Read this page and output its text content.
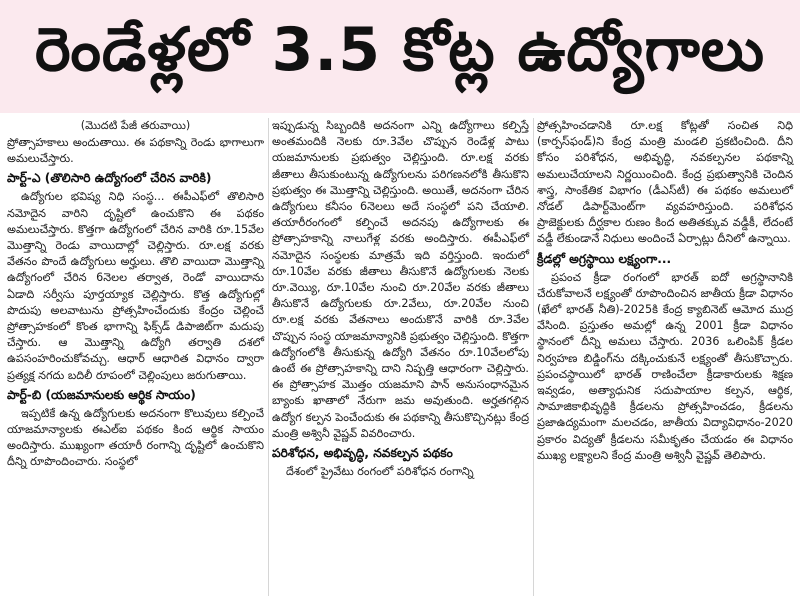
రెండేళ్లలో 3.5 కోట్ల ఉద్యోగాలు
(మొదటి పేజీ తరువాయి)

ప్రోత్సాహకాలు అందుతాయి. ఈ పథకాన్ని రెండు భాగాలుగా అమలుచేస్తారు.

పార్ట్‌-ఎ (తొలిసారి ఉద్యోగంలో చేరిన వారికి)

ఉద్యోగుల భవిష్య నిధి సంస్థ... ఈపీఎఫ్‌లో తొలిసారి నమోదైన వారిని దృష్టిలో ఉంచుకొని ఈ పథకం అమలుచేస్తారు. కొత్తగా ఉద్యోగంలో చేరిన వారికి రూ.15వేల మొత్తాన్ని రెండు వాయిదాల్లో చెల్లిస్తారు. రూ.లక్ష వరకు వేతనం పొందే ఉద్యోగులు అర్హులు. తొలి వాయిదా మొత్తాన్ని ఉద్యోగంలో చేరిన 6నెలల తర్వాత, రెండో వాయిదాను ఏడాది సర్వీసు పూర్తయ్యాక చెల్లిస్తారు. కొత్త ఉద్యోగుల్లో పొదుపు అలవాటును ప్రోత్సహించేందుకు కేంద్రం చెల్లించే ప్రోత్సాహకంలో కొంత భాగాన్ని ఫిక్స్‌డ్‌ డిపాజిట్‌గా మదుపు చేస్తారు. ఆ మొత్తాన్ని ఉద్యోగి తర్వాతి దశలో ఉపసంహరించుకోవచ్చు. ఆధార్‌ ఆధారిత విధానం ద్వారా ప్రత్యక్ష నగదు బదిలీ రూపంలో చెల్లింపులు జరుగుతాయి.

పార్ట్‌-బి (యజమానులకు ఆర్థిక సాయం)

ఇప్పటికే ఉన్న ఉద్యోగులకు అదనంగా కొలువులు కల్పించే యాజమాన్యాలకు ఈఎల్‌ఐ పథకం కింద ఆర్థిక సాయం అందిస్తారు. ముఖ్యంగా తయారీ రంగాన్ని దృష్టిలో ఉంచుకొని దీన్ని రూపొందించారు. సంస్థలో

ఇప్పుడున్న సిబ్బందికి అదనంగా ఎన్ని ఉద్యోగాలు కల్పిస్తే అంతమందికి నెలకు రూ.3వేల చొప్పున రెండేళ్ల పాటు యజమానులకు ప్రభుత్వం చెల్లిస్తుంది. రూ.లక్ష వరకు జీతాలు తీసుకుంటున్న ఉద్యోగులను పరిగణనలోకి తీసుకొని ప్రభుత్వం ఈ మొత్తాన్ని చెల్లిస్తుంది. అయితే, అదనంగా చేరిన ఉద్యోగులు కనీసం 6నెలలు అదే సంస్థలో పని చేయాలి. తయారీరంగంలో కల్పించే అదనపు ఉద్యోగాలకు ఈ ప్రోత్సాహకాన్ని నాలుగేళ్ల వరకు అందిస్తారు. ఈపీఎఫ్‌లో నమోదైన సంస్థలకు మాత్రమే ఇది వర్తిస్తుంది. ఇందులో రూ.10వేల వరకు జీతాలు తీసుకొనే ఉద్యోగులకు నెలకు రూ.వెయ్యి, రూ.10వేల నుంచి రూ.20వేల వరకు జీతాలు తీసుకొనే ఉద్యోగులకు రూ.2వేలు, రూ.20వేల నుంచి రూ.లక్ష వరకు వేతనాలు అందుకొనే వారికి రూ.3వేల చొప్పున సంస్థ యాజమాన్యానికి ప్రభుత్వం చెల్లిస్తుంది. కొత్తగా ఉద్యోగంలోకి తీసుకున్న ఉద్యోగి వేతనం రూ.10వేలలోపు ఉంటే ఈ ప్రోత్సాహకాన్ని దాని నిష్పత్తి ఆధారంగా చెల్లిస్తారు. ఈ ప్రోత్సాహక మొత్తం యజమాని పాన్‌ అనుసంధానమైన బ్యాంకు ఖాతాలో నేరుగా జమ అవుతుంది. అర్హతగల్గిన ఉద్యోగ కల్పన పెంచేందుకు ఈ పథకాన్ని తీసుకొచ్చినట్లు కేంద్ర మంత్రి అశ్వినీ వైష్ణవ్‌ వివరించారు.

పరిశోధన, అభివృద్ధి, నవకల్పన పథకం

దేశంలో ప్రైవేటు రంగంలో పరిశోధన రంగాన్ని

ప్రోత్సహించడానికి రూ.లక్ష కోట్లతో సంచిత నిధి (కార్పస్‌ఫండ్‌)ని కేంద్ర మంత్రి మండలి ప్రకటించింది. దీని కోసం పరిశోధన, అభివృద్ధి, నవకల్పనల పథకాన్ని అమలుచేయాలని నిర్ణయించింది. కేంద్ర ప్రభుత్వానికి చెందిన శాస్త్ర, సాంకేతిక విభాగం (డీఎస్‌టీ) ఈ పథకం అమలులో నోడల్‌ డిపార్ట్‌మెంట్‌గా వ్యవహరిస్తుంది. పరిశోధన ప్రాజెక్టులకు దీర్ఘకాల రుణం కింద అతితక్కువ వడ్డీకీ, లేదంటే వడ్డీ లేకుండానే నిధులు అందించే ఏర్పాట్లు దీనిలో ఉన్నాయి.

క్రీడల్లో అగ్రస్థాయి లక్ష్యంగా...

ప్రపంచ క్రీడా రంగంలో భారత్‌ ఐదో అగ్రస్థానానికి చేరుకోవాలనే లక్ష్యంతో రూపొందించిన జాతీయ క్రీడా విధానం (ఖేలో భారత్‌ నీతి)-2025కి కేంద్ర క్యాబినెట్‌ ఆమోద ముద్ర వేసింది. ప్రస్తుతం అమల్లో ఉన్న 2001 క్రీడా విధానం స్థానంలో దీన్ని అమలు చేస్తారు. 2036 ఒలింపిక్‌ క్రీడల నిర్వహణ బిడ్డింగ్‌ను దక్కించుకునే లక్ష్యంతో తీసుకొచ్చారు. ప్రపంచస్థాయిలో భారత్‌ రాణించేలా క్రీడాకారులకు శిక్షణ ఇవ్వడం, అత్యాధునిక సదుపాయాల కల్పన, ఆర్థిక, సామాజికాభివృద్ధికి క్రీడలను ప్రోత్సహించడం, క్రీడలను ప్రజాఉద్యమంగా మలచడం, జాతీయ విద్యావిధానం-2020 ప్రకారం విద్యతో క్రీడలను సమీకృతం చేయడం ఈ విధానం ముఖ్య లక్ష్యాలని కేంద్ర మంత్రి అశ్వినీ వైష్ణవ్‌ తెలిపారు.
